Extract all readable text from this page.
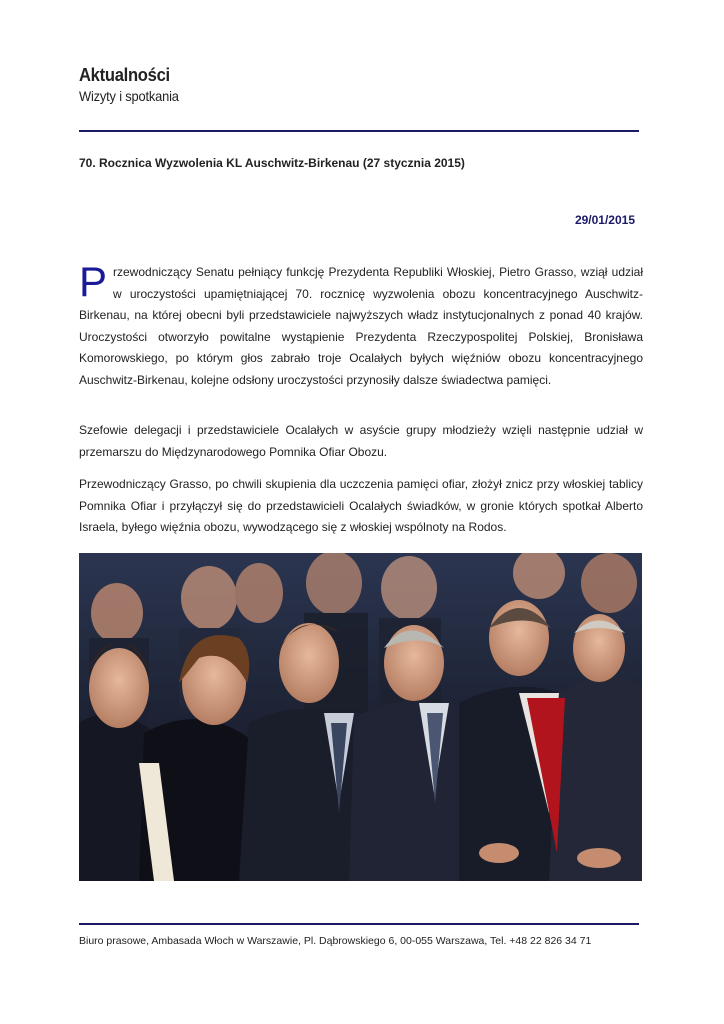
Aktualności
Wizyty i spotkania
70. Rocznica Wyzwolenia KL Auschwitz-Birkenau (27 stycznia 2015)
29/01/2015
Przewodniczący Senatu pełniący funkcję Prezydenta Republiki Włoskiej, Pietro Grasso, wziął udział w uroczystości upamiętniającej 70. rocznicę wyzwolenia obozu koncentracyjnego Auschwitz-Birkenau, na której obecni byli przedstawiciele najwyższych władz instytucjonalnych z ponad 40 krajów. Uroczystości otworzyło powitalne wystąpienie Prezydenta Rzeczypospolitej Polskiej, Bronisława Komorowskiego, po którym głos zabrało troje Ocalałych byłych więźniów obozu koncentracyjnego Auschwitz-Birkenau, kolejne odsłony uroczystości przynosiły dalsze świadectwa pamięci.
Szefowie delegacji i przedstawiciele Ocalałych w asyście grupy młodzieży wzięli następnie udział w przemarszu do Międzynarodowego Pomnika Ofiar Obozu.
Przewodniczący Grasso, po chwili skupienia dla uczczenia pamięci ofiar, złożył znicz przy włoskiej tablicy Pomnika Ofiar i przyłączył się do przedstawicieli Ocalałych świadków, w gronie których spotkał Alberto Israela, byłego więźnia obozu, wywodzącego się z włoskiej wspólnoty na Rodos.
Biuro prasowe, Ambasada Włoch w Warszawie, Pl. Dąbrowskiego 6, 00-055 Warszawa, Tel. +48 22 826 34 71
